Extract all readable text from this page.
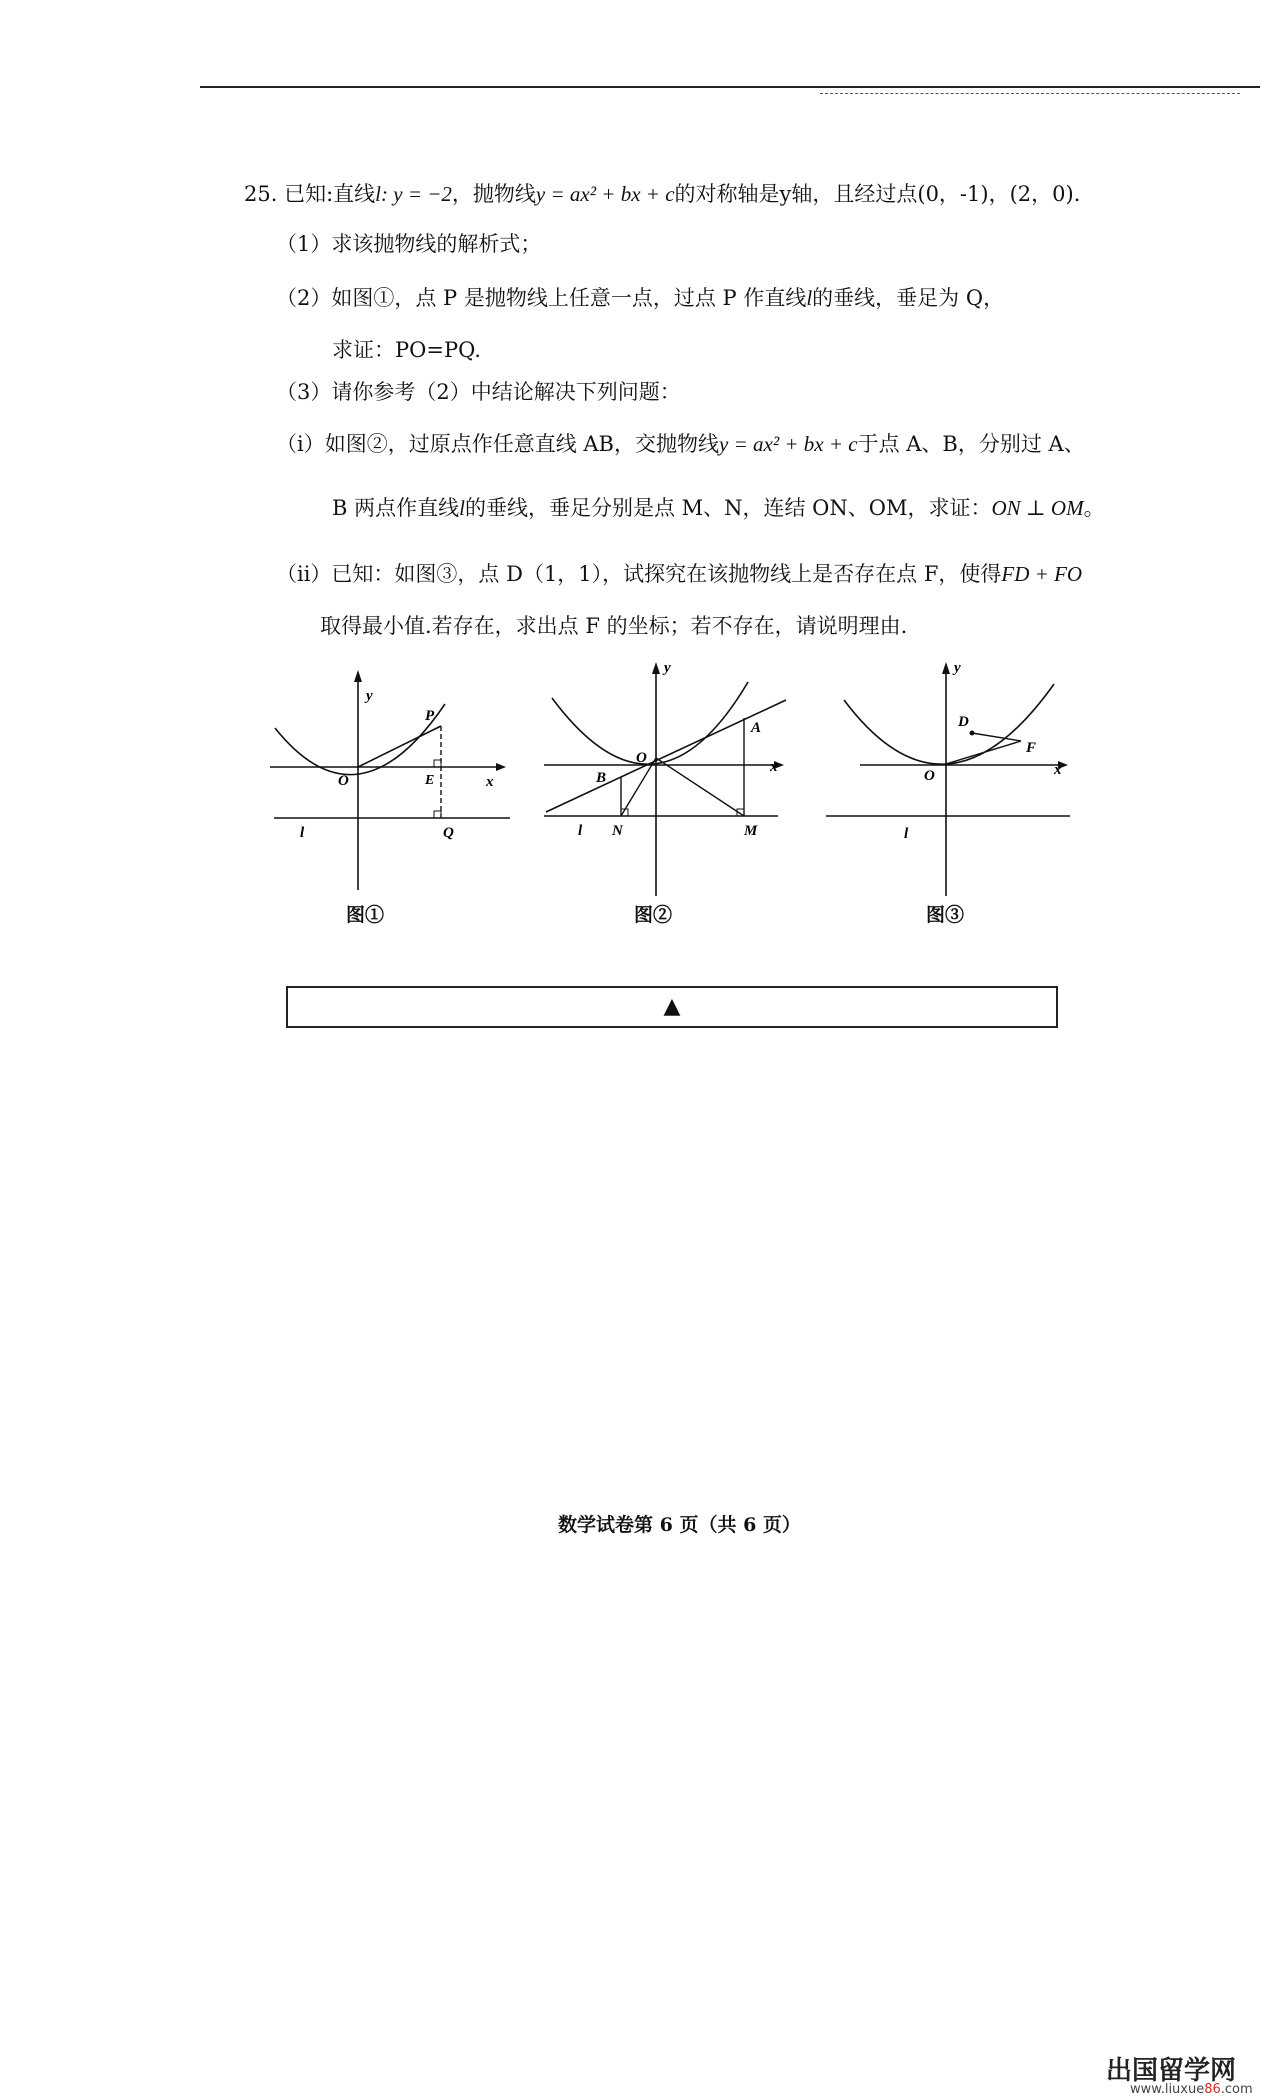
25. 已知:直线l: y = −2，抛物线y = ax² + bx + c的对称轴是y轴，且经过点(0，-1)，(2，0).
（1）求该抛物线的解析式；
（2）如图①，点 P 是抛物线上任意一点，过点 P 作直线l的垂线，垂足为 Q，
求证：PO=PQ.
（3）请你参考（2）中结论解决下列问题：
（ⅰ）如图②，过原点作任意直线 AB，交抛物线y = ax² + bx + c于点 A、B，分别过 A、
B 两点作直线l的垂线，垂足分别是点 M、N，连结 ON、OM，求证：ON ⊥ OM。
（ⅱ）已知：如图③，点 D（1，1），试探究在该抛物线上是否存在点 F，使得FD + FO
取得最小值.若存在，求出点 F 的坐标；若不存在，请说明理由.
y
x
O
P
E
Q
l
图①
y
x
O
A
B
N	M
l
图②
y
x
O
D
F
l
图③
▲
数学试卷第 6 页（共 6 页）
出国留学网
www.liuxue86.com
